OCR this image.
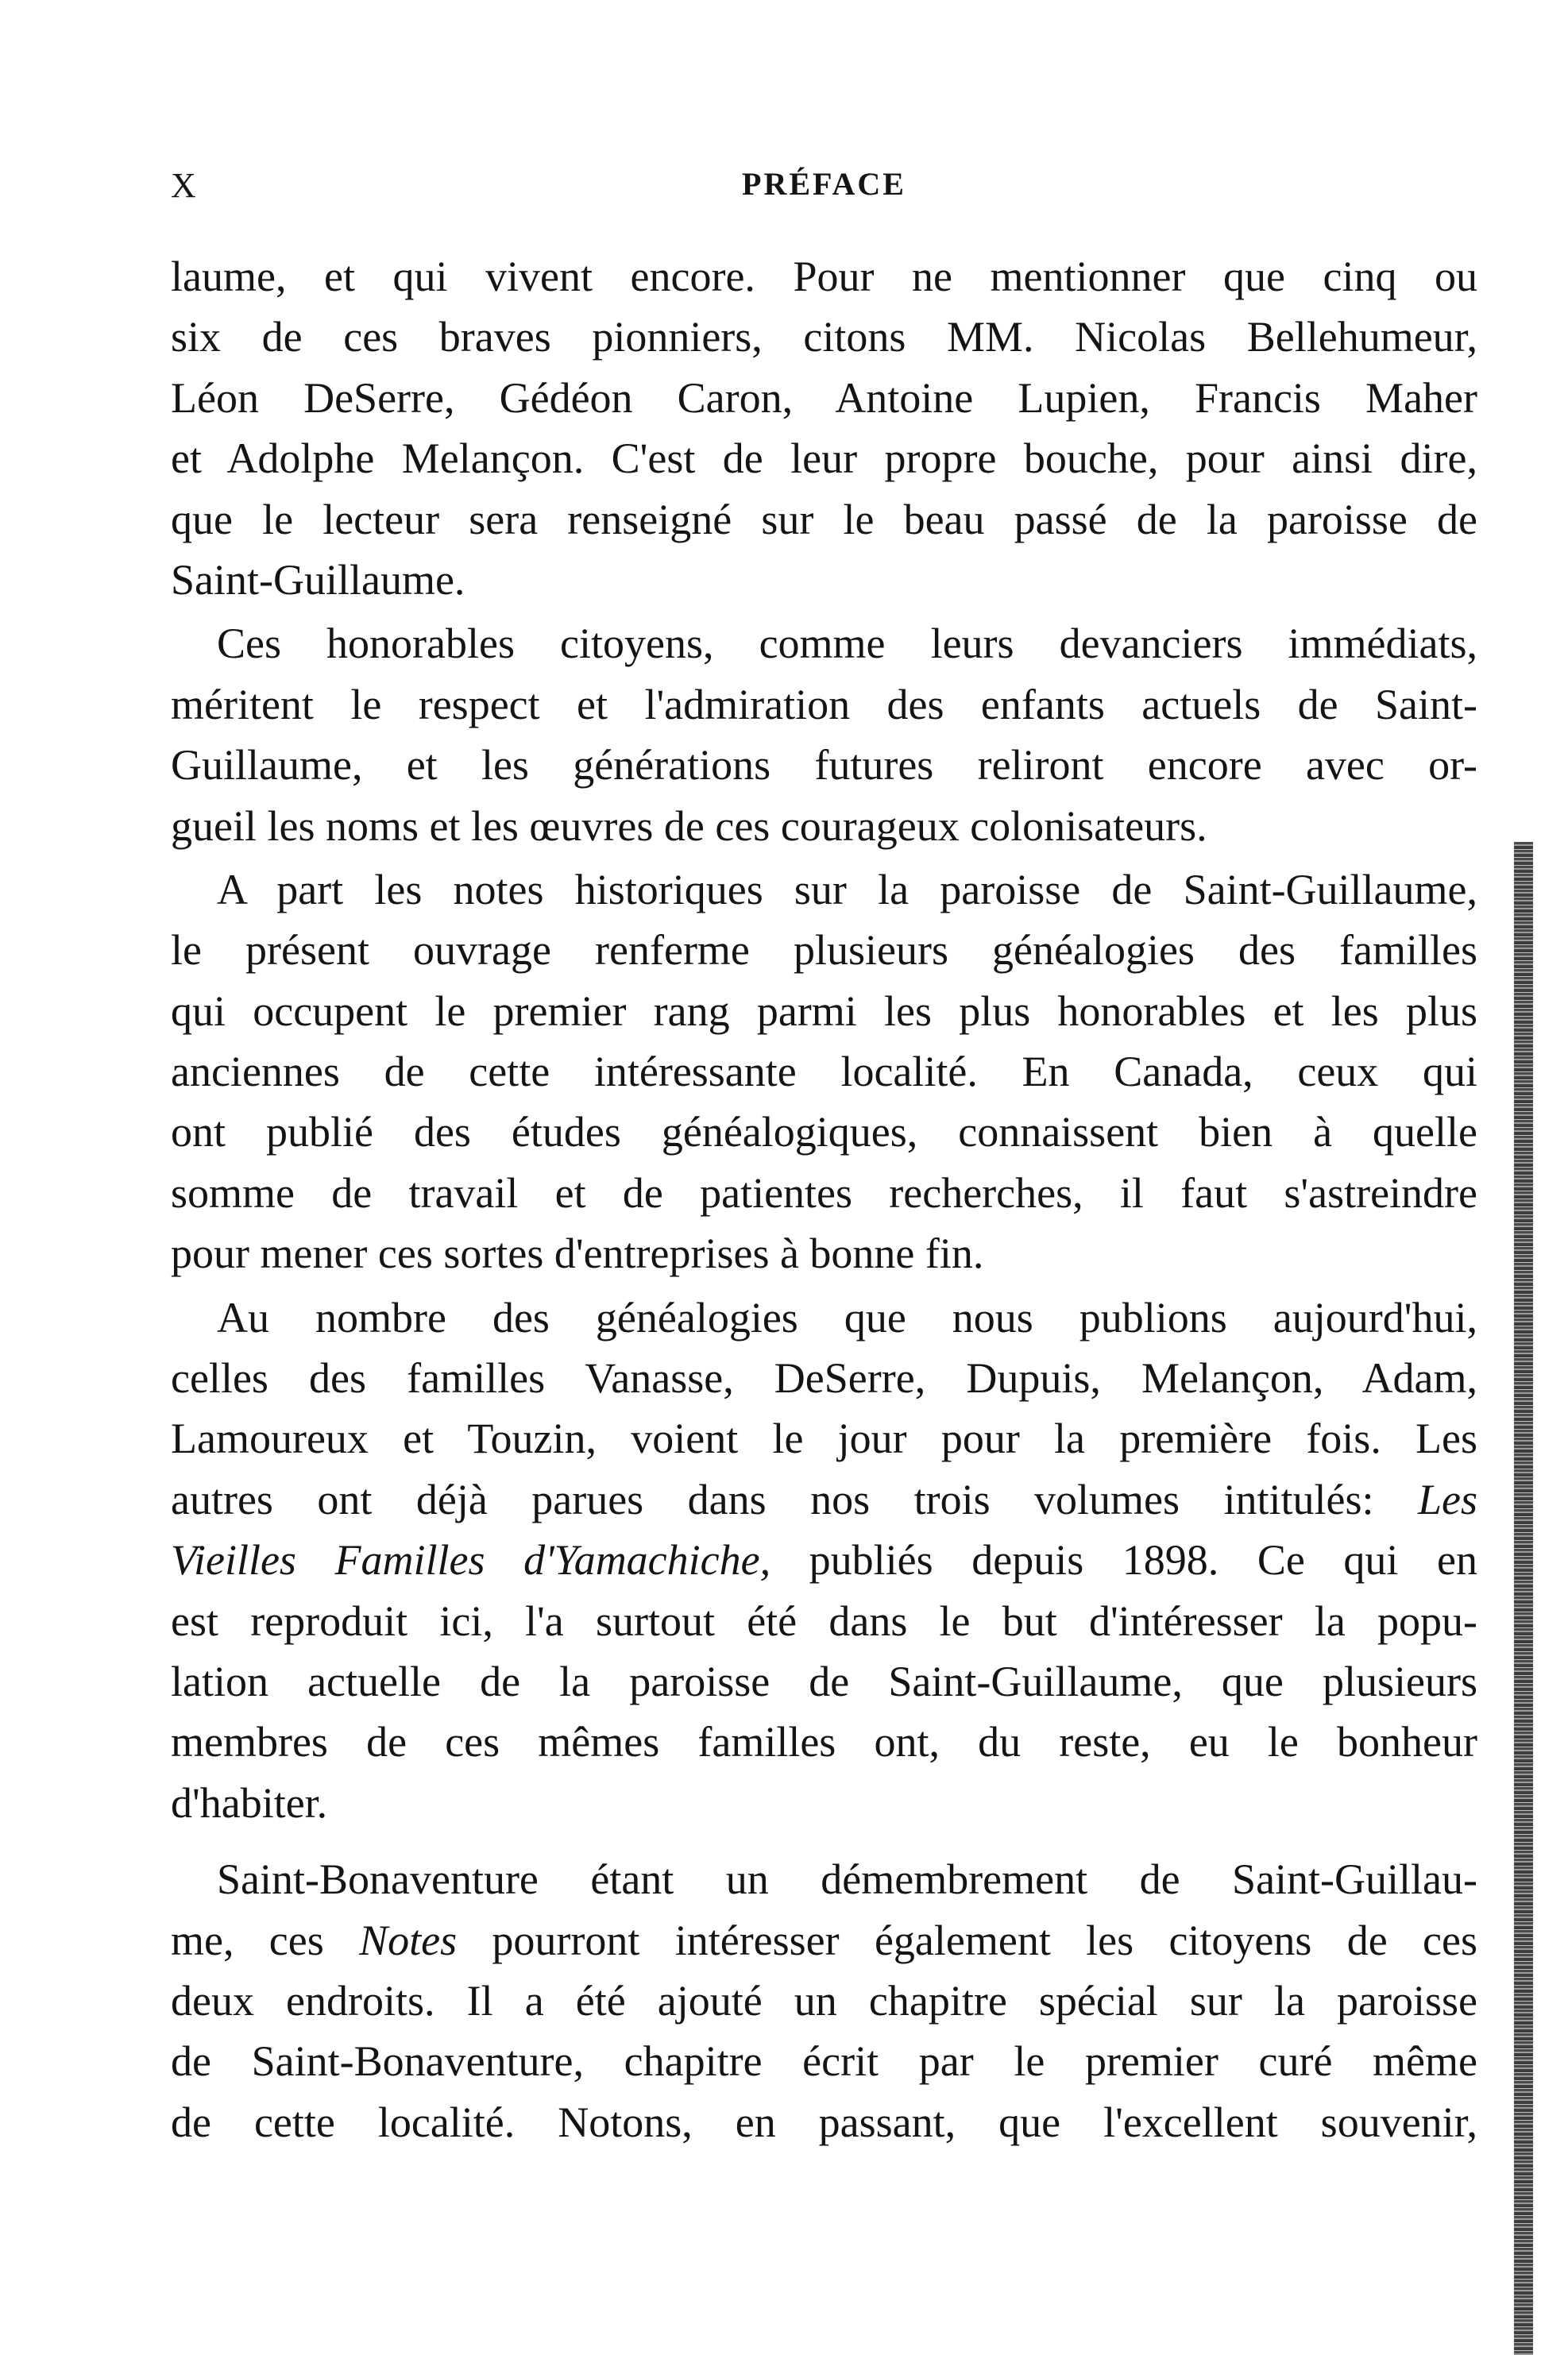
X	PRÉFACE
laume, et qui vivent encore. Pour ne mentionner que cinq ou
six de ces braves pionniers, citons MM. Nicolas Bellehumeur,
Léon DeSerre, Gédéon Caron, Antoine Lupien, Francis Maher
et Adolphe Melançon. C'est de leur propre bouche, pour ainsi dire,
que le lecteur sera renseigné sur le beau passé de la paroisse de
Saint-Guillaume.
Ces honorables citoyens, comme leurs devanciers immédiats,
méritent le respect et l'admiration des enfants actuels de Saint-
Guillaume, et les générations futures reliront encore avec or-
gueil les noms et les œuvres de ces courageux colonisateurs.
A part les notes historiques sur la paroisse de Saint-Guillaume,
le présent ouvrage renferme plusieurs généalogies des familles
qui occupent le premier rang parmi les plus honorables et les plus
anciennes de cette intéressante localité. En Canada, ceux qui
ont publié des études généalogiques, connaissent bien à quelle
somme de travail et de patientes recherches, il faut s'astreindre
pour mener ces sortes d'entreprises à bonne fin.
Au nombre des généalogies que nous publions aujourd'hui,
celles des familles Vanasse, DeSerre, Dupuis, Melançon, Adam,
Lamoureux et Touzin, voient le jour pour la première fois. Les
autres ont déjà parues dans nos trois volumes intitulés: Les
Vieilles Familles d'Yamachiche, publiés depuis 1898. Ce qui en
est reproduit ici, l'a surtout été dans le but d'intéresser la popu-
lation actuelle de la paroisse de Saint-Guillaume, que plusieurs
membres de ces mêmes familles ont, du reste, eu le bonheur
d'habiter.
Saint-Bonaventure étant un démembrement de Saint-Guillau-
me, ces Notes pourront intéresser également les citoyens de ces
deux endroits. Il a été ajouté un chapitre spécial sur la paroisse
de Saint-Bonaventure, chapitre écrit par le premier curé même
de cette localité. Notons, en passant, que l'excellent souvenir,
